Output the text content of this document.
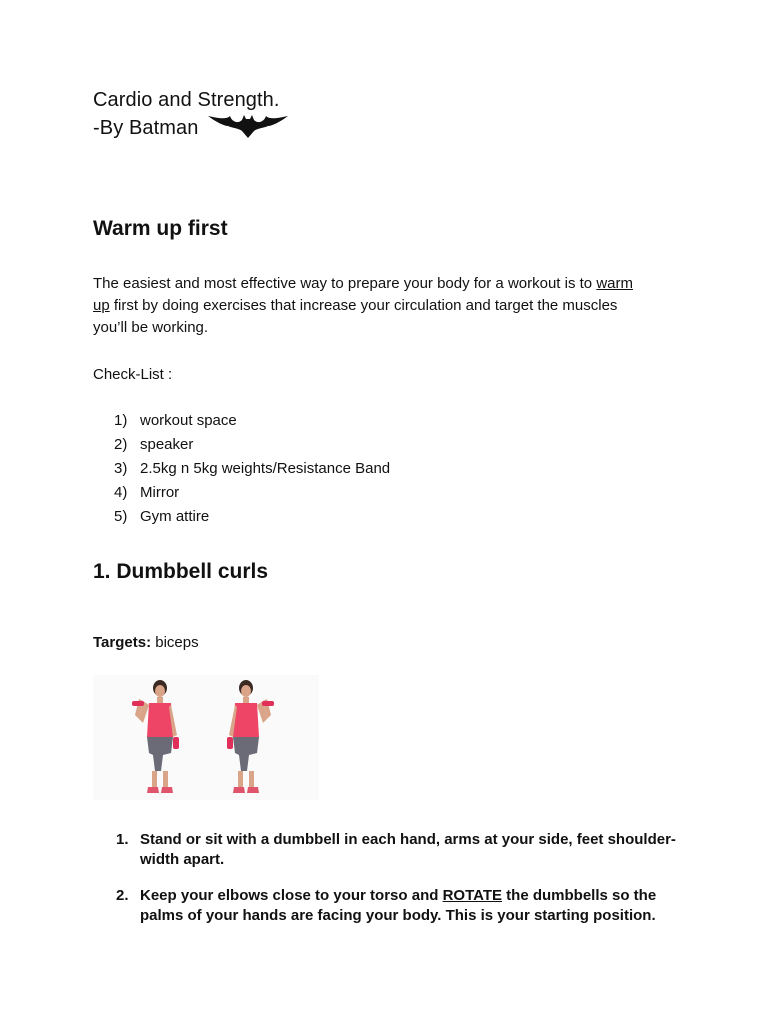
Cardio and Strength.
-By Batman
Warm up first
The easiest and most effective way to prepare your body for a workout is to warm
up first by doing exercises that increase your circulation and target the muscles
you’ll be working.
Check-List :
1) workout space
2) speaker
3) 2.5kg n 5kg weights/Resistance Band
4) Mirror
5) Gym attire
1. Dumbbell curls
Targets: biceps
1. Stand or sit with a dumbbell in each hand, arms at your side, feet shoulder-width apart.
2. Keep your elbows close to your torso and ROTATE the dumbbells so the palms of your hands are facing your body. This is your starting position.
